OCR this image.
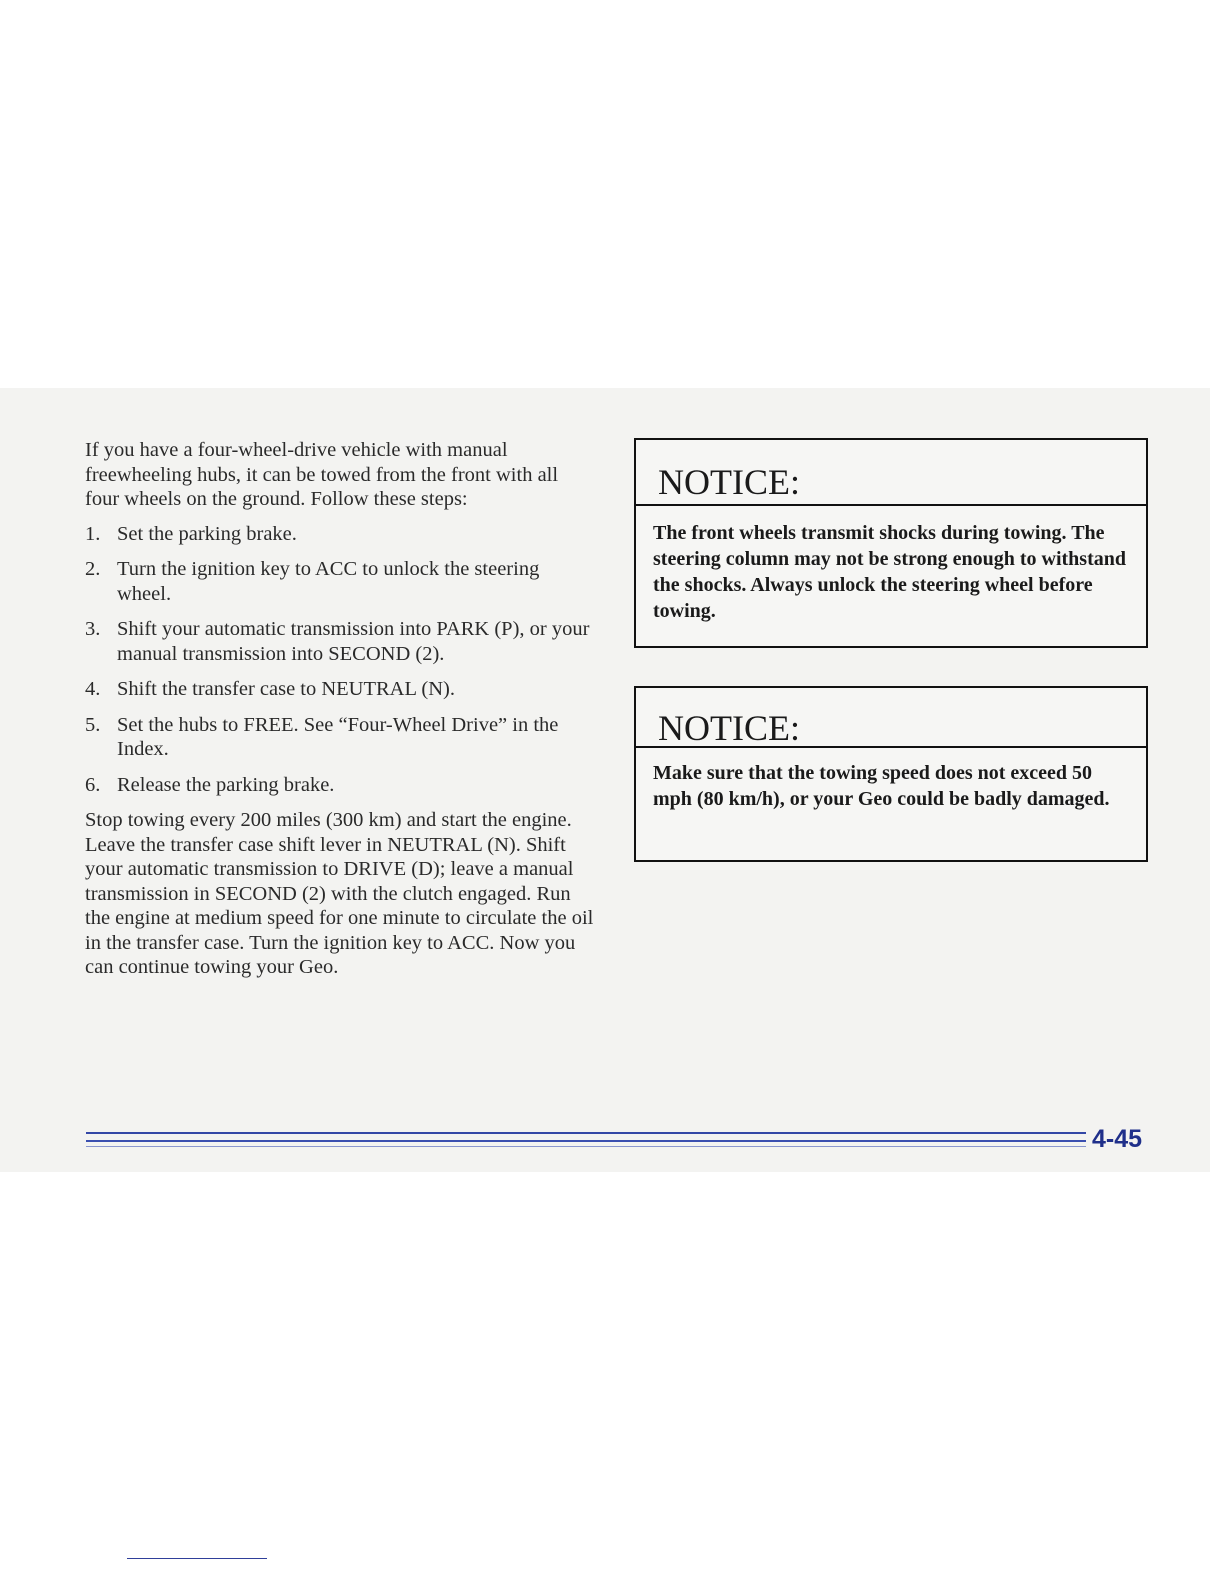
If you have a four-wheel-drive vehicle with manual freewheeling hubs, it can be towed from the front with all four wheels on the ground. Follow these steps:

1. Set the parking brake.
2. Turn the ignition key to ACC to unlock the steering wheel.
3. Shift your automatic transmission into PARK (P), or your manual transmission into SECOND (2).
4. Shift the transfer case to NEUTRAL (N).
5. Set the hubs to FREE. See “Four-Wheel Drive” in the Index.
6. Release the parking brake.

Stop towing every 200 miles (300 km) and start the engine. Leave the transfer case shift lever in NEUTRAL (N). Shift your automatic transmission to DRIVE (D); leave a manual transmission in SECOND (2) with the clutch engaged. Run the engine at medium speed for one minute to circulate the oil in the transfer case. Turn the ignition key to ACC. Now you can continue towing your Geo.

NOTICE:
The front wheels transmit shocks during towing. The steering column may not be strong enough to withstand the shocks. Always unlock the steering wheel before towing.
NOTICE:
Make sure that the towing speed does not exceed 50 mph (80 km/h), or your Geo could be badly damaged.
4-45
